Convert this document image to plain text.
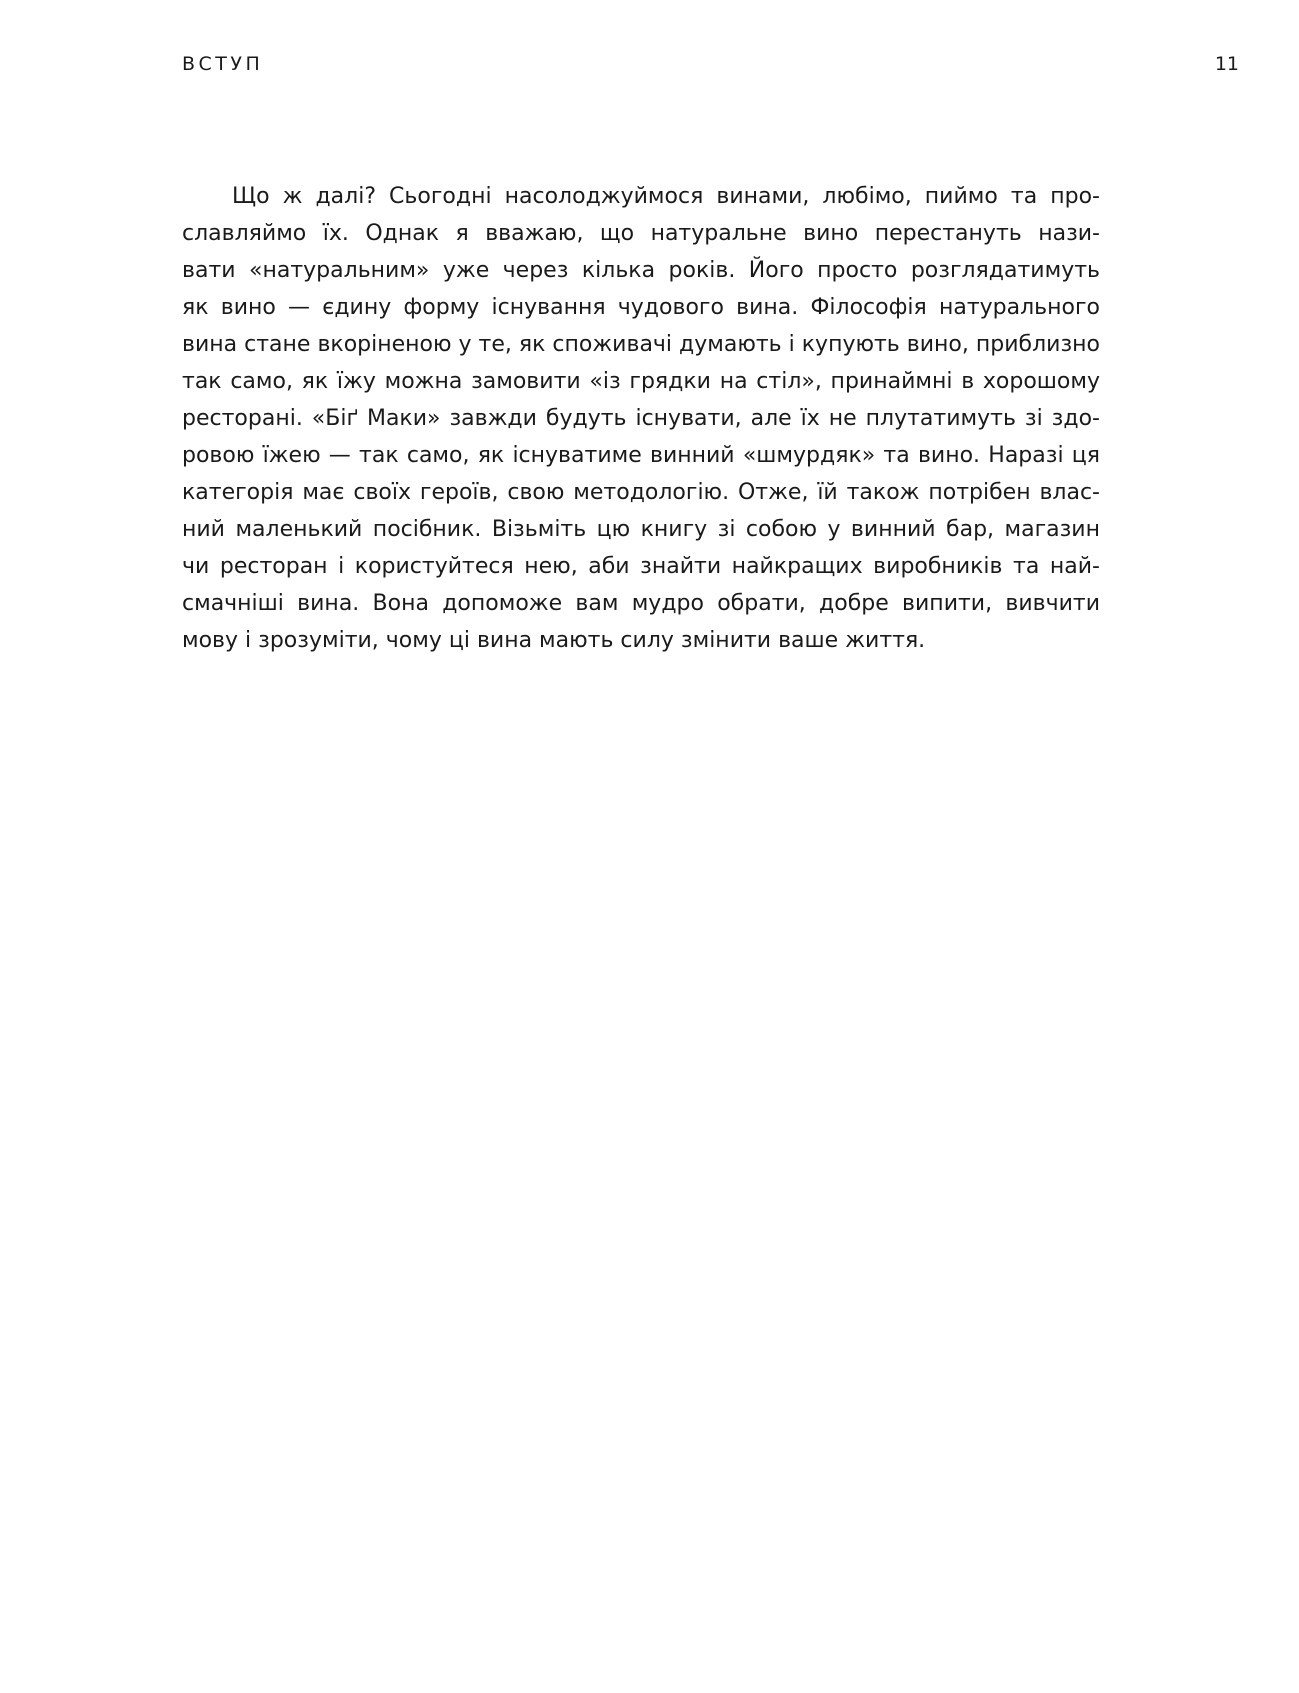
ВСТУП	11
Що ж далі? Сьогодні насолоджуймося винами, любімо, пиймо та про-
славляймо їх. Однак я вважаю, що натуральне вино перестануть нази-
вати «натуральним» уже через кілька років. Його просто розглядатимуть
як вино — єдину форму існування чудового вина. Філософія натурального
вина стане вкоріненою у те, як споживачі думають і купують вино, приблизно
так само, як їжу можна замовити «із грядки на стіл», принаймні в хорошому
ресторані. «Біґ Маки» завжди будуть існувати, але їх не плутатимуть зі здо-
ровою їжею — так само, як існуватиме винний «шмурдяк» та вино. Наразі ця
категорія має своїх героїв, свою методологію. Отже, їй також потрібен влас-
ний маленький посібник. Візьміть цю книгу зі собою у винний бар, магазин
чи ресторан і користуйтеся нею, аби знайти найкращих виробників та най-
смачніші вина. Вона допоможе вам мудро обрати, добре випити, вивчити
мову і зрозуміти, чому ці вина мають силу змінити ваше життя.
